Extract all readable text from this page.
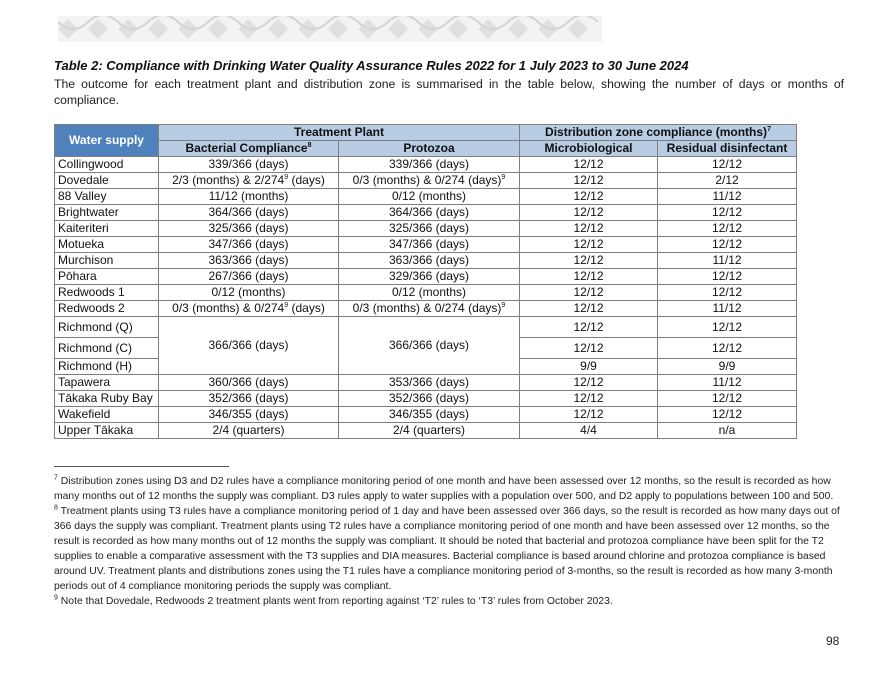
Table 2: Compliance with Drinking Water Quality Assurance Rules 2022 for 1 July 2023 to 30 June 2024
The outcome for each treatment plant and distribution zone is summarised in the table below, showing the number of days or months of compliance.
Water supply	Treatment Plant		Distribution zone compliance (months)$^7$
	Bacterial Compliance$^8$	Protozoa	Microbiological	Residual disinfectant
Collingwood	339/366 (days)	339/366 (days)	12/12	12/12
Dovedale	2/3 (months) & $2/274^9$ (days)	0/3 (months) & 0/274 (days)$^9$	12/12	2/12
88 Valley	11/12 (months)	0/12 (months)	12/12	11/12
Brightwater	364/366 (days)	364/366 (days)	12/12	12/12
Kaiteriteri	325/366 (days)	325/366 (days)	12/12	12/12
Motueka	347/366 (days)	347/366 (days)	12/12	12/12
Murchison	363/366 (days)	363/366 (days)	12/12	11/12
Pōhara	267/366 (days)	329/366 (days)	12/12	12/12
Redwoods 1	0/12 (months)	0/12 (months)	12/12	12/12
Redwoods 2	0/3 (months) & $0/274^9$ (days)	0/3 (months) & 0/274 (days)$^9$	12/12	11/12
Richmond (Q)	366/366 (days)	366/366 (days)	12/12	12/12
Richmond (C)			12/12	12/12
Richmond (H)			9/9	9/9
Tapawera	360/366 (days)	353/366 (days)	12/12	11/12
Tākaka Ruby Bay	352/366 (days)	352/366 (days)	12/12	12/12
Wakefield	346/355 (days)	346/355 (days)	12/12	12/12
Upper Tākaka	2/4 (quarters)	2/4 (quarters)	4/4	n/a

$^7$ Distribution zones using D3 and D2 rules have a compliance monitoring period of one month and have been assessed over 12 months, so the result is recorded as how many months out of 12 months the supply was compliant. D3 rules apply to water supplies with a population over 500, and D2 apply to populations between 100 and 500.

$^8$ Treatment plants using T3 rules have a compliance monitoring period of 1 day and have been assessed over 366 days, so the result is recorded as how many days out of 366 days the supply was compliant. Treatment plants using T2 rules have a compliance monitoring period of one month and have been assessed over 12 months, so the result is recorded as how many months out of 12 months the supply was compliant. It should be noted that bacterial and protozoa compliance have been split for the T2 supplies to enable a comparative assessment with the T3 supplies and DIA measures. Bacterial compliance is based around chlorine and protozoa compliance is based around UV. Treatment plants and distributions zones using the T1 rules have a compliance monitoring period of 3-months, so the result is recorded as how many 3-month periods out of 4 compliance monitoring periods the supply was compliant.

$^9$ Note that Dovedale, Redwoods 2 treatment plants went from reporting against ‘T2’ rules to ‘T3’ rules from October 2023.

98
